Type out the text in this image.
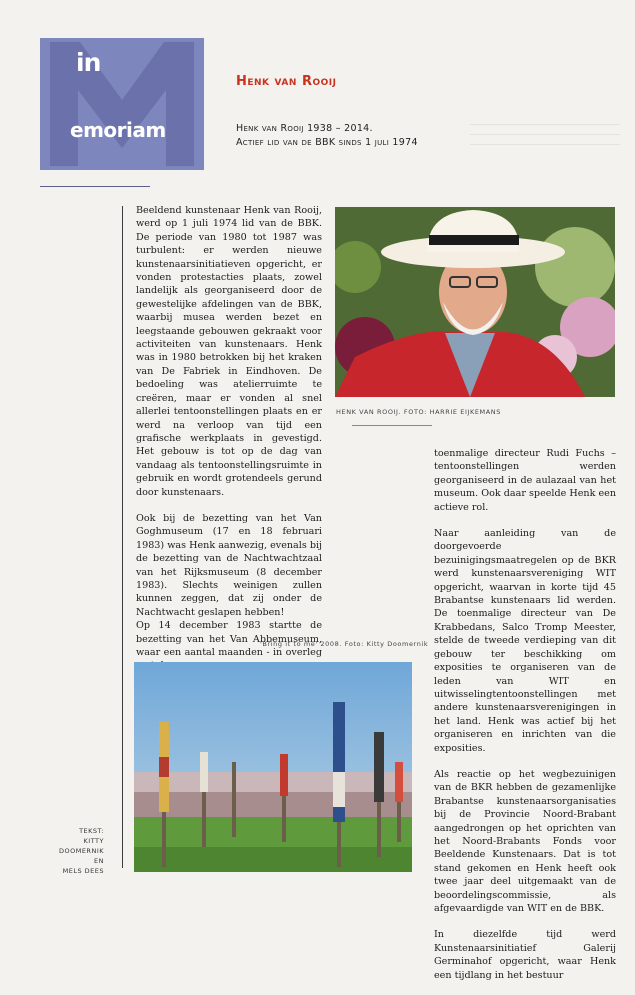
in
emoriam
Henk van Rooij
Henk van Rooij 1938 – 2014.
Actief lid van de BBK sinds 1 juli 1974

Beeldend kunstenaar Henk van Rooij, werd op 1 juli 1974 lid van de BBK. De periode van 1980 tot 1987 was turbulent: er werden nieuwe kunstenaarsinitiatieven opgericht, er vonden protestacties plaats, zowel landelijk als georganiseerd door de gewestelijke afdelingen van de BBK, waarbij musea werden bezet en leegstaande gebouwen gekraakt voor activiteiten van kunstenaars. Henk was in 1980 betrokken bij het kraken van De Fabriek in Eindhoven. De bedoeling was atelierruimte te creëren, maar er vonden al snel allerlei tentoonstellingen plaats en er werd na verloop van tijd een grafische werkplaats in gevestigd. Het gebouw is tot op de dag van vandaag als tentoonstellingsruimte in gebruik en wordt grotendeels gerund door kunstenaars.

Ook bij de bezetting van het Van Goghmuseum (17 en 18 februari 1983) was Henk aanwezig, evenals bij de bezetting van de Nachtwachtzaal van het Rijksmuseum (8 december 1983). Slechts weinigen zullen kunnen zeggen, dat zij onder de Nachtwacht geslapen hebben!

Op 14 december 1983 startte de bezetting van het Van Abbemuseum, waar een aantal maanden - in overleg

HENK VAN ROOIJ. FOTO: HARRIE EIJKEMANS

toenmalige directeur Rudi Fuchs – tentoonstellingen werden georganiseerd in de aulazaal van het museum. Ook daar speelde Henk een actieve rol.

Naar aanleiding van de doorgevoerde bezuinigingsmaatregelen op de BKR werd kunstenaarsvereniging WIT opgericht, waarvan in korte tijd 45 Brabantse kunstenaars lid werden. De toenmalige directeur van De Krabbedans, Salco Tromp Meester, stelde de tweede verdieping van dit gebouw ter beschikking om exposities te organiseren van de leden van WIT en uitwisselingtentoonstellingen met andere kunstenaarsverenigingen in het land. Henk was actief bij het organiseren en inrichten van die exposities.

Als reactie op het wegbezuinigen van de BKR hebben de gezamenlijke Brabantse kunstenaarsorganisaties bij de Provincie Noord-Brabant aangedrongen op het oprichten van het Noord-Brabants Fonds voor Beeldende Kunstenaars. Dat is tot stand gekomen en Henk heeft ook twee jaar deel uitgemaakt van de beoordelingscommissie, als afgevaardigde van WIT en de BBK.

In diezelfde tijd werd Kunstenaarsinitiatief Galerij Germinahof opgericht, waar Henk een tijdlang in het bestuur

'Bring it to me' 2008. Foto: Kitty Doomernik
TEKST:
KITTY DOOMERNIK
EN
MELS DEES
